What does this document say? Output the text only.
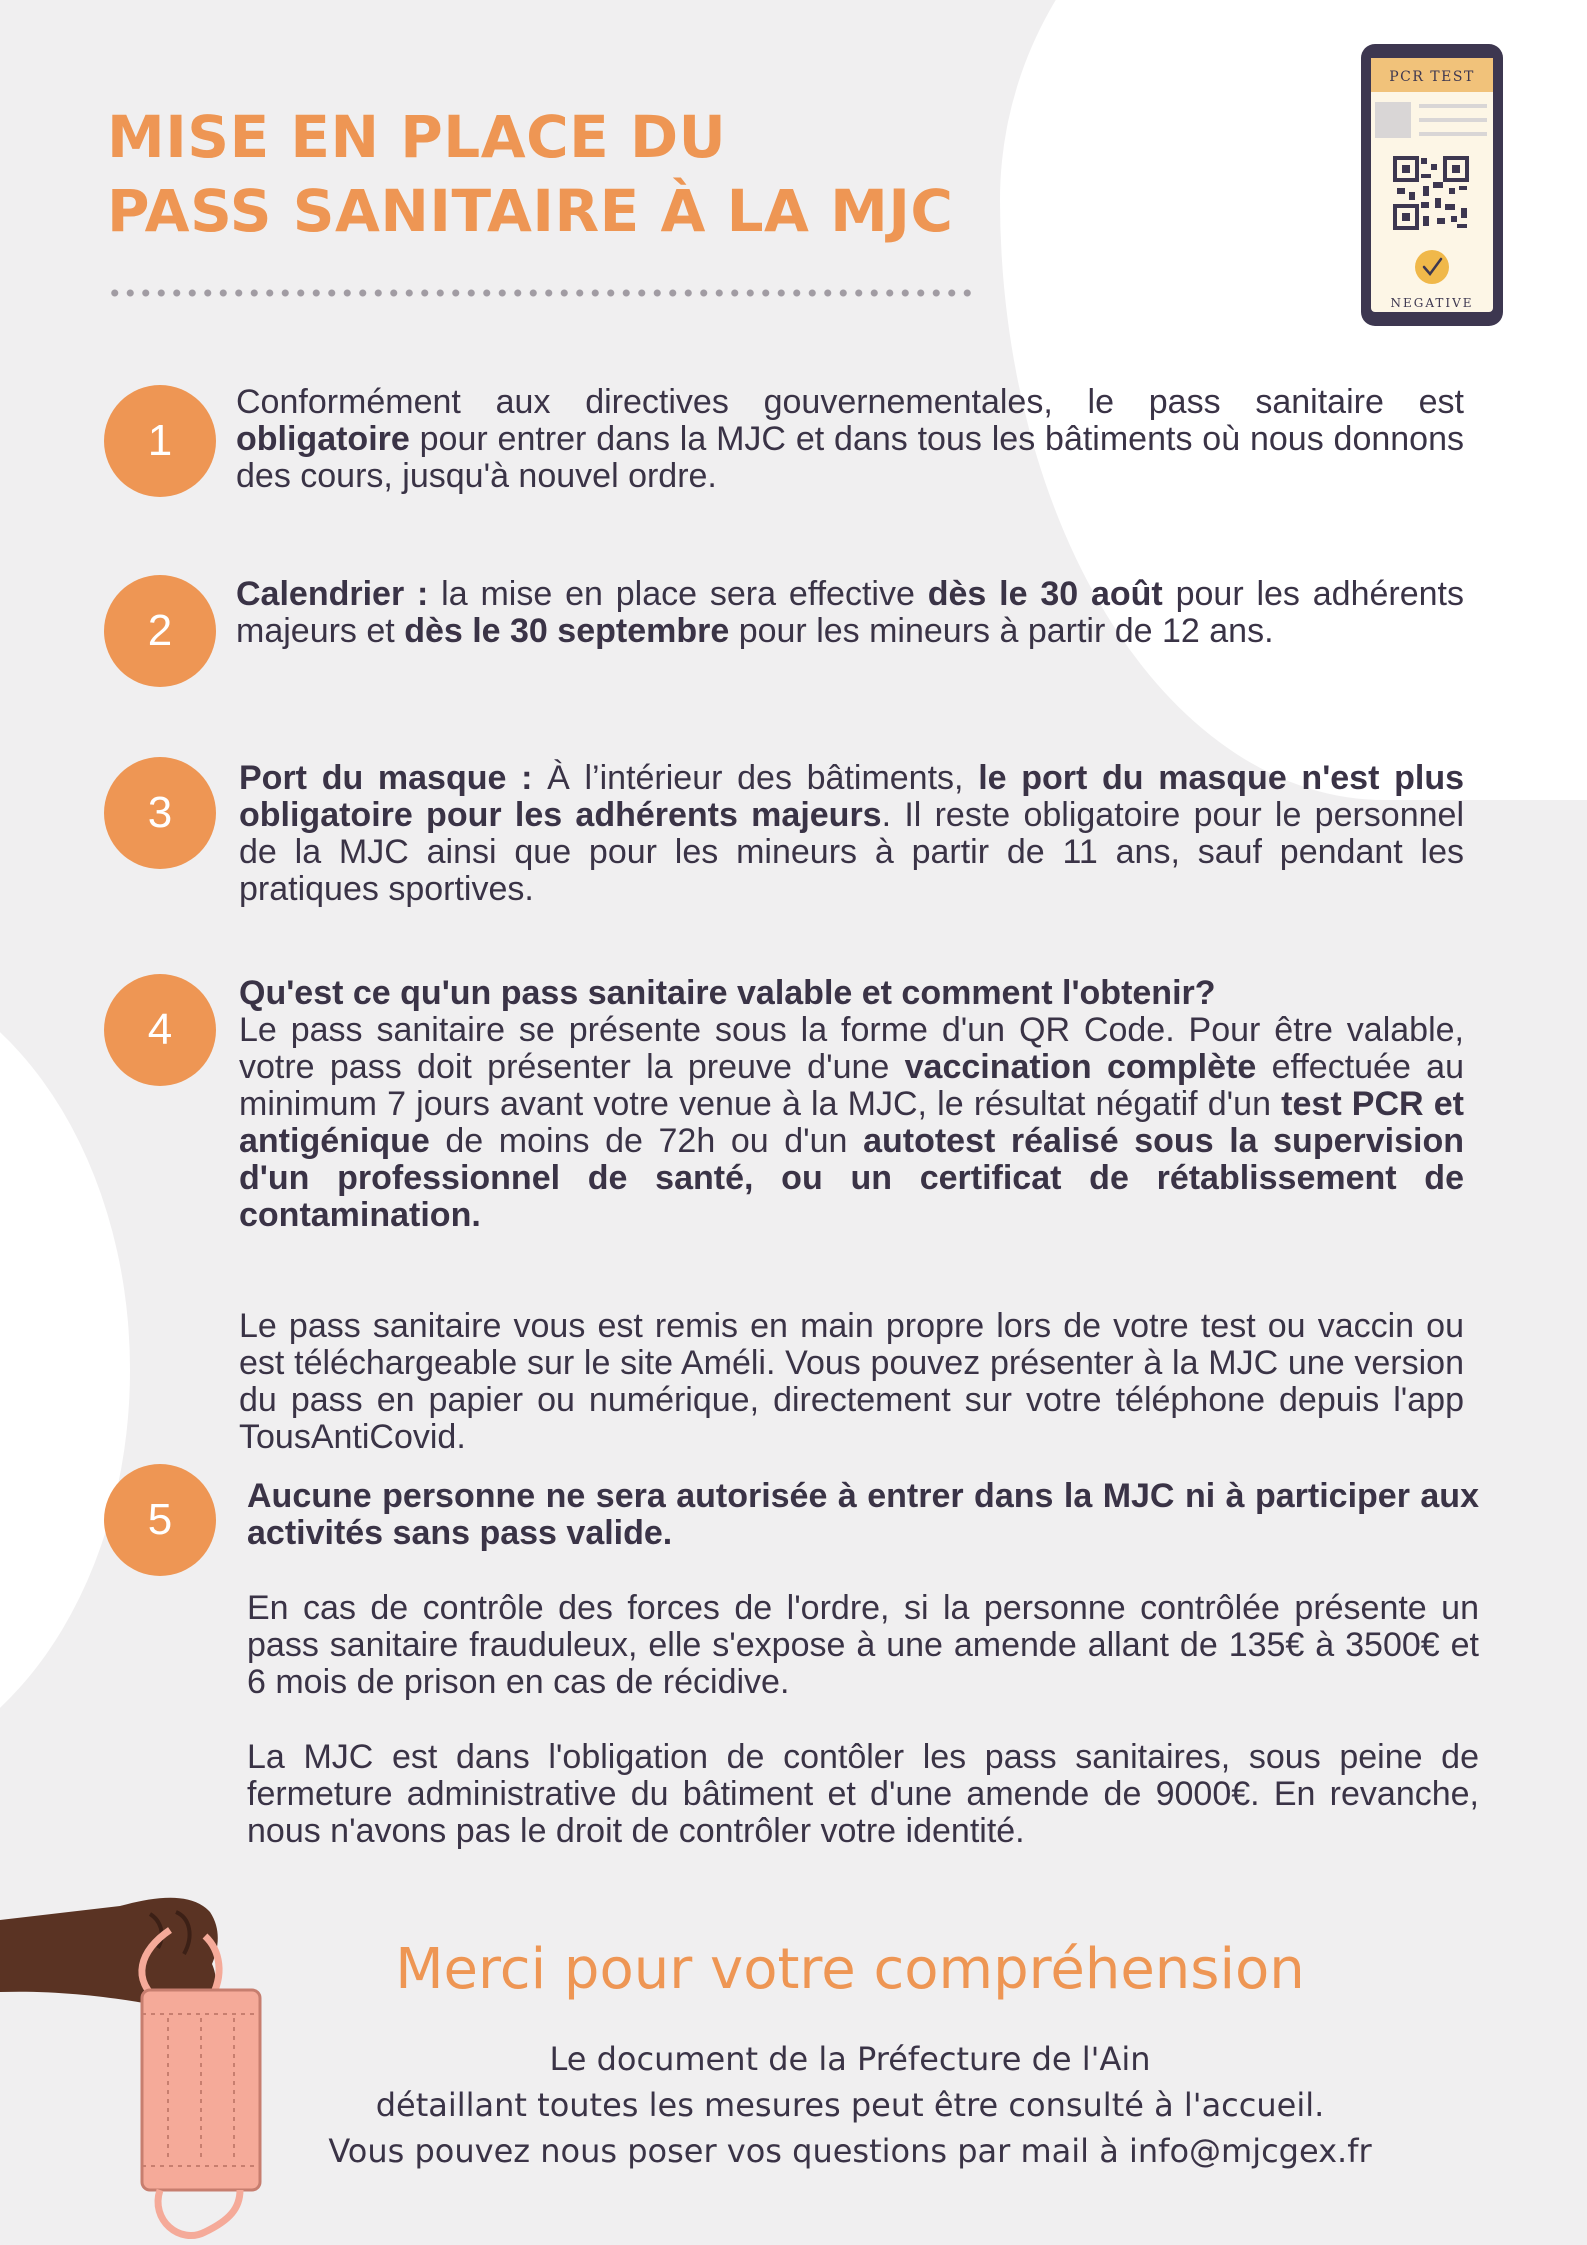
MISE EN PLACE DU
PASS SANITAIRE À LA MJC
PCR TEST
NEGATIVE
1

Conformément aux directives gouvernementales, le pass sanitaire est obligatoire pour entrer dans la MJC et dans tous les bâtiments où nous donnons des cours, jusqu'à nouvel ordre.

2

Calendrier : la mise en place sera effective dès le 30 août pour les adhérents majeurs et dès le 30 septembre pour les mineurs à partir de 12 ans.

3

Port du masque : À l’intérieur des bâtiments, le port du masque n'est plus obligatoire pour les adhérents majeurs. Il reste obligatoire pour le personnel de la MJC ainsi que pour les mineurs à partir de 11 ans, sauf pendant les pratiques sportives.

4

Qu'est ce qu'un pass sanitaire valable et comment l'obtenir?
Le pass sanitaire se présente sous la forme d'un QR Code. Pour être valable, votre pass doit présenter la preuve d'une vaccination complète effectuée au minimum 7 jours avant votre venue à la MJC, le résultat négatif d'un test PCR et antigénique de moins de 72h ou d'un autotest réalisé sous la supervision d'un professionnel de santé, ou un certificat de rétablissement de contamination.

Le pass sanitaire vous est remis en main propre lors de votre test ou vaccin ou est téléchargeable sur le site Améli. Vous pouvez présenter à la MJC une version du pass en papier ou numérique, directement sur votre téléphone depuis l'app TousAntiCovid.

5	Aucune personne ne sera autorisée à entrer dans la MJC ni à participer aux activités sans pass valide.

En cas de contrôle des forces de l'ordre, si la personne contrôlée présente un pass sanitaire frauduleux, elle s'expose à une amende allant de 135€ à 3500€ et 6 mois de prison en cas de récidive.

La MJC est dans l'obligation de contôler les pass sanitaires, sous peine de fermeture administrative du bâtiment et d'une amende de 9000€. En revanche, nous n'avons pas le droit de contrôler votre identité.

Merci pour votre compréhension

Le document de la Préfecture de l'Ain
détaillant toutes les mesures peut être consulté à l'accueil.
Vous pouvez nous poser vos questions par mail à info@mjcgex.fr
